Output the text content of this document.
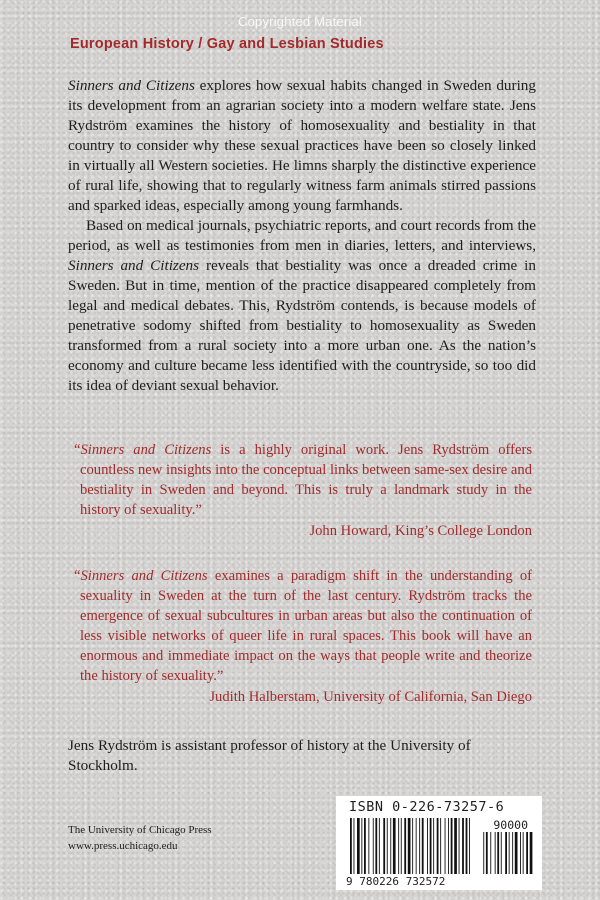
Copyrighted Material
European History / Gay and Lesbian Studies

Sinners and Citizens explores how sexual habits changed in Sweden during its development from an agrarian society into a modern welfare state. Jens Rydström examines the history of homosexuality and bestiality in that country to consider why these sexual practices have been so closely linked in virtually all Western societies. He limns sharply the distinctive experience of rural life, showing that to regularly witness farm animals stirred passions and sparked ideas, especially among young farmhands.

Based on medical journals, psychiatric reports, and court records from the period, as well as testimonies from men in diaries, letters, and interviews, Sinners and Citizens reveals that bestiality was once a dreaded crime in Sweden. But in time, mention of the practice disappeared completely from legal and medical debates. This, Rydström contends, is because models of penetrative sodomy shifted from bestiality to homosexuality as Sweden transformed from a rural society into a more urban one. As the nation’s economy and culture became less identified with the countryside, so too did its idea of deviant sexual behavior.

“Sinners and Citizens is a highly original work. Jens Rydström offers countless new insights into the conceptual links between same-sex desire and bestiality in Sweden and beyond. This is truly a landmark study in the history of sexuality.”
John Howard, King’s College London
“Sinners and Citizens examines a paradigm shift in the understanding of sexuality in Sweden at the turn of the last century. Rydström tracks the emergence of sexual subcultures in urban areas but also the continuation of less visible networks of queer life in rural spaces. This book will have an enormous and immediate impact on the ways that people write and theorize the history of sexuality.”
Judith Halberstam, University of California, San Diego
Jens Rydström is assistant professor of history at the University of Stockholm.
The University of Chicago Press
www.press.uchicago.edu
ISBN 0-226-73257-6
90000
9 780226 732572
